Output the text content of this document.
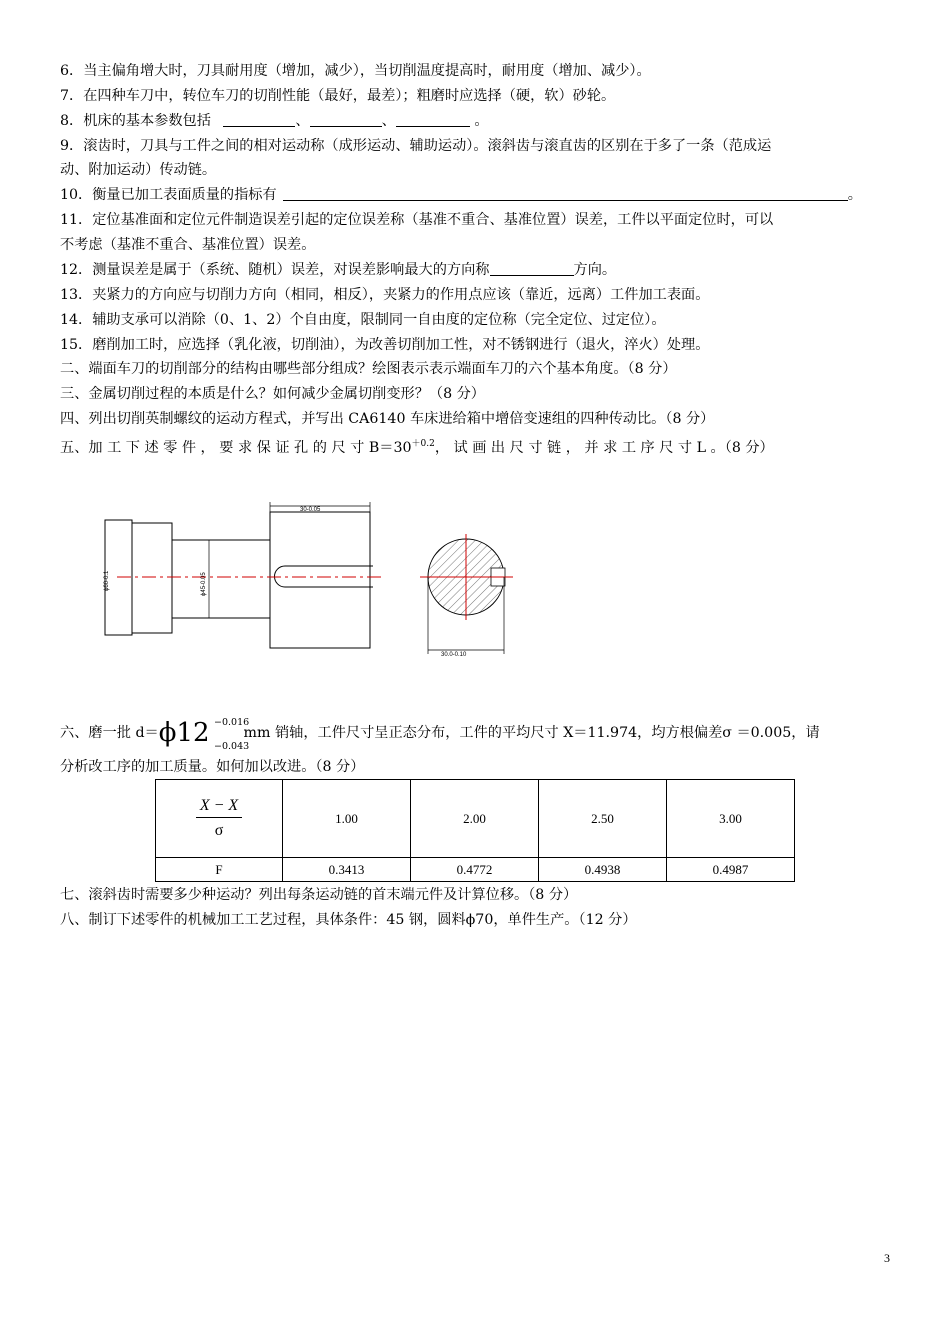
6．当主偏角增大时，刀具耐用度（增加，减少），当切削温度提高时，耐用度（增加、减少）。
7．在四种车刀中，转位车刀的切削性能（最好，最差）；粗磨时应选择（硬，软）砂轮。
8．机床的基本参数包括	、	、	。
9．滚齿时，刀具与工件之间的相对运动称（成形运动、辅助运动）。滚斜齿与滚直齿的区别在于多了一条（范成运
动、附加运动）传动链。
10．衡量已加工表面质量的指标有	。
11．定位基准面和定位元件制造误差引起的定位误差称（基准不重合、基准位置）误差，工件以平面定位时，可以
不考虑（基准不重合、基准位置）误差。
12．测量误差是属于（系统、随机）误差，对误差影响最大的方向称	方向。
13．夹紧力的方向应与切削力方向（相同，相反），夹紧力的作用点应该（靠近，远离）工件加工表面。
14．辅助支承可以消除（0、1、2）个自由度，限制同一自由度的定位称（完全定位、过定位）。
15．磨削加工时，应选择（乳化液，切削油），为改善切削加工性，对不锈钢进行（退火，淬火）处理。
二、端面车刀的切削部分的结构由哪些部分组成？绘图表示表示端面车刀的六个基本角度。（8 分）
三、金属切削过程的本质是什么？如何减少金属切削变形？（8 分）
四、列出切削英制螺纹的运动方程式，并写出 CA6140 车床进给箱中增倍变速组的四种传动比。（8 分）
五、加 工 下 述 零 件 ， 要 求 保 证 孔 的 尺 寸 $B=30^{+0.2}$， 试 画 出 尺 寸 链 ， 并 求 工 序 尺 寸 L 。（8 分）
30-0.05
ϕ60-0.1	ϕ45-0.05
30.0-0.10
六、磨一批 d＝ϕ12 mm 销轴，工件尺寸呈正态分布，工件的平均尺寸 X＝11.974，均方根偏差σ ＝0.005，请
−0.016
−0.043
分析改工序的加工质量。如何加以改进。（8 分）
$\frac{X - X}{\sigma}$	1.00	2.00	2.50	3.00
F	0.3413	0.4772	0.4938	0.4987
七、滚斜齿时需要多少种运动？列出每条运动链的首末端元件及计算位移。（8 分）
八、制订下述零件的机械加工工艺过程，具体条件：45 钢，圆料ϕ70，单件生产。（12 分）
3
